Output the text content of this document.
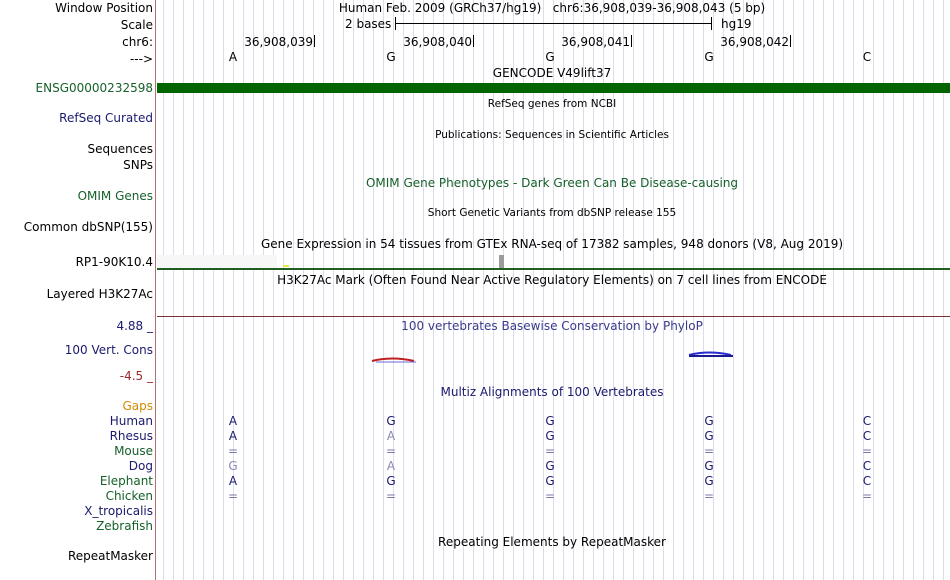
Window Position	Human Feb. 2009 (GRCh37/hg19)   chr6:36,908,039-36,908,043 (5 bp)
Scale	2 bases	hg19
chr6:	36,908,039	36,908,040	36,908,041	36,908,042
--->	A	G	G	G	C
GENCODE V49lift37
ENSG00000232598
RefSeq genes from NCBI
RefSeq Curated
Publications: Sequences in Scientific Articles
Sequences
SNPs
OMIM Gene Phenotypes - Dark Green Can Be Disease-causing
OMIM Genes
Short Genetic Variants from dbSNP release 155
Common dbSNP(155)
Gene Expression in 54 tissues from GTEx RNA-seq of 17382 samples, 948 donors (V8, Aug 2019)
RP1-90K10.4
H3K27Ac Mark (Often Found Near Active Regulatory Elements) on 7 cell lines from ENCODE
Layered H3K27Ac
100 vertebrates Basewise Conservation by PhyloP
4.88 _
100 Vert. Cons
-4.5 _
Multiz Alignments of 100 Vertebrates
Gaps
Human	A	G	G	G	C
Rhesus	A	A	G	G	C
Mouse	=	=	=	=	=
Dog	G	A	G	G	C
Elephant	A	G	G	G	C
Chicken	=	=	=	=	=
X_tropicalis
Zebrafish
Repeating Elements by RepeatMasker
RepeatMasker
